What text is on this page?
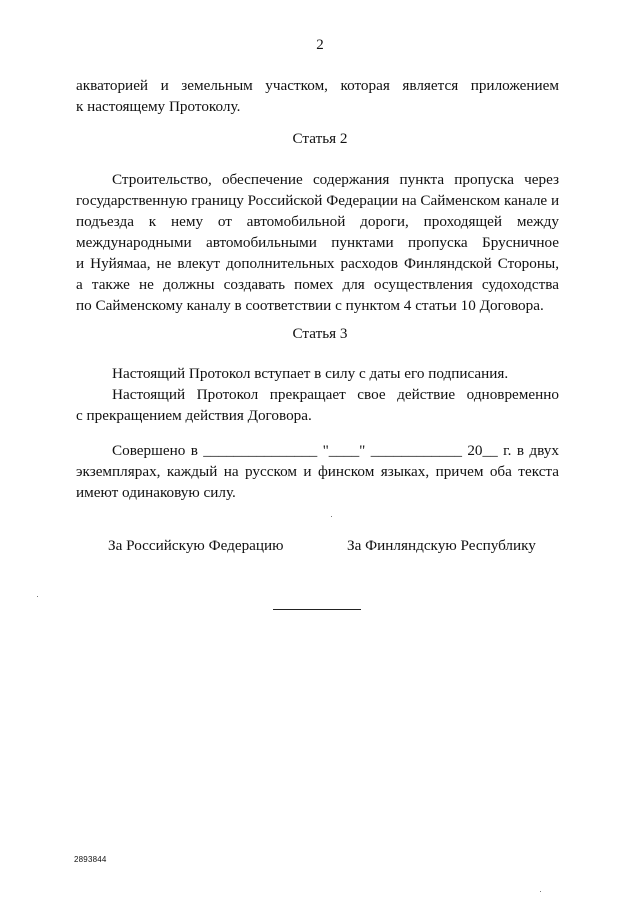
2
акваторией и земельным участком, которая является приложением
к настоящему Протоколу.
Статья 2
Строительство, обеспечение содержания пункта пропуска через
государственную границу Российской Федерации на Сайменском канале и
подъезда к нему от автомобильной дороги, проходящей между
международными автомобильными пунктами пропуска Брусничное
и Нуйямаа, не влекут дополнительных расходов Финляндской Стороны,
а также не должны создавать помех для осуществления судоходства
по Сайменскому каналу в соответствии с пунктом 4 статьи 10 Договора.
Статья 3
Настоящий Протокол вступает в силу с даты его подписания.
Настоящий Протокол прекращает свое действие одновременно
с прекращением действия Договора.
Совершено в _______________ "____" ____________ 20__ г. в двух
экземплярах, каждый на русском и финском языках, причем оба текста
имеют одинаковую силу.
За Российскую Федерацию	За Финляндскую Республику
2893844
